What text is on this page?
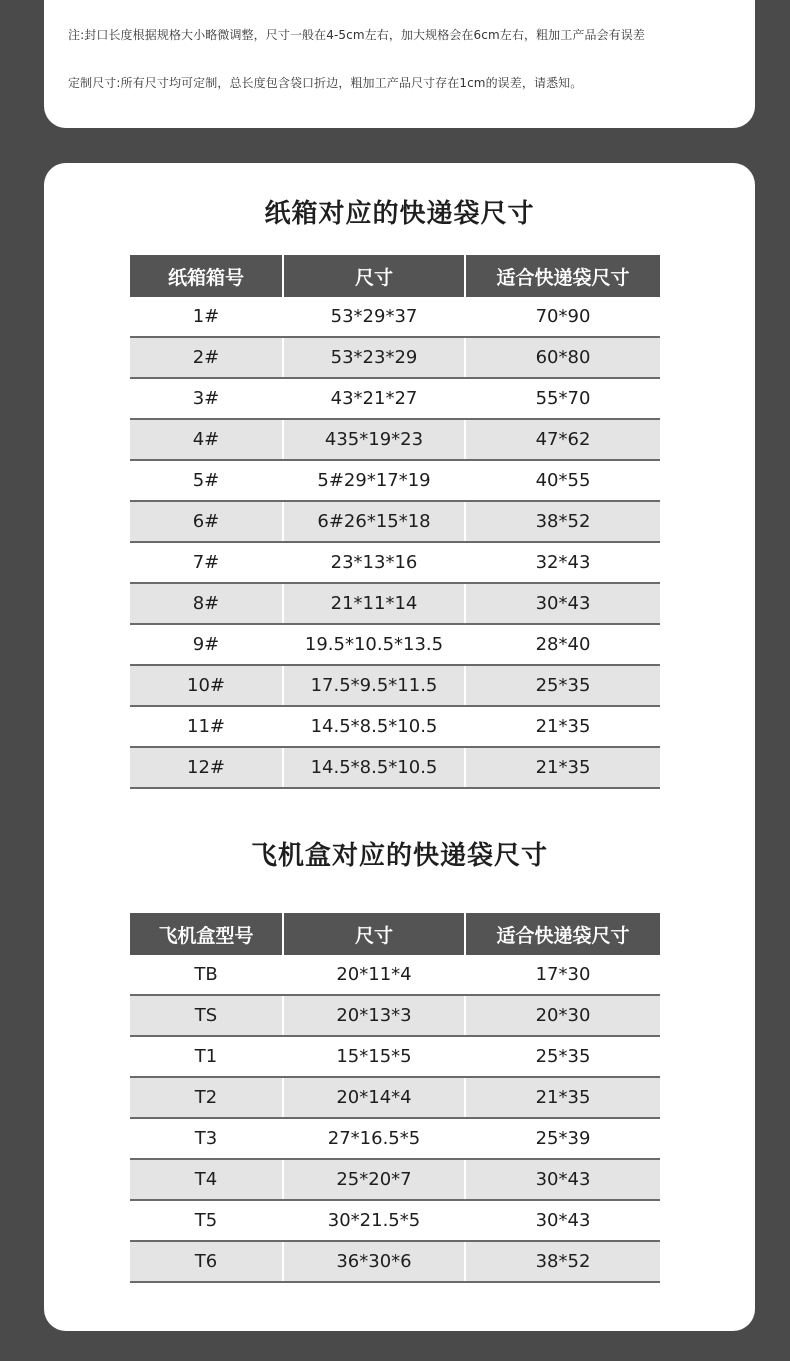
注:封口长度根据规格大小略微调整，尺寸一般在4-5cm左右，加大规格会在6cm左右，粗加工产品会有误差
定制尺寸:所有尺寸均可定制，总长度包含袋口折边，粗加工产品尺寸存在1cm的误差，请悉知。
纸箱对应的快递袋尺寸
纸箱箱号	尺寸	适合快递袋尺寸
1#	53*29*37	70*90
2#	53*23*29	60*80
3#	43*21*27	55*70
4#	435*19*23	47*62
5#	5#29*17*19	40*55
6#	6#26*15*18	38*52
7#	23*13*16	32*43
8#	21*11*14	30*43
9#	19.5*10.5*13.5	28*40
10#	17.5*9.5*11.5	25*35
11#	14.5*8.5*10.5	21*35
12#	14.5*8.5*10.5	21*35
飞机盒对应的快递袋尺寸
飞机盒型号	尺寸	适合快递袋尺寸
TB	20*11*4	17*30
TS	20*13*3	20*30
T1	15*15*5	25*35
T2	20*14*4	21*35
T3	27*16.5*5	25*39
T4	25*20*7	30*43
T5	30*21.5*5	30*43
T6	36*30*6	38*52
